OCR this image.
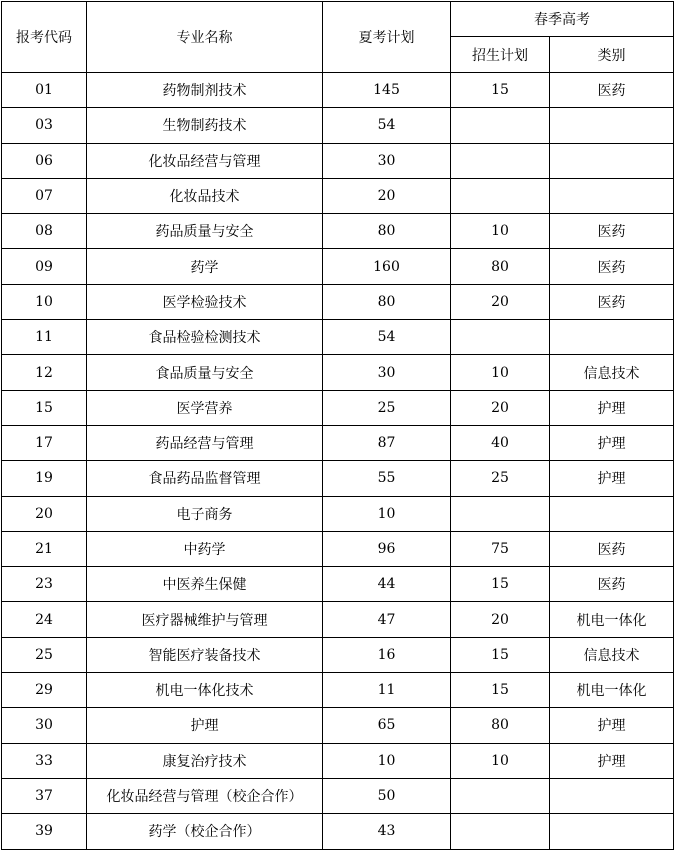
报考代码	专业名称	夏考计划	春季高考	
			招生计划	类别
01	药物制剂技术	145	15	医药
03	生物制药技术	54		
06	化妆品经营与管理	30		
07	化妆品技术	20		
08	药品质量与安全	80	10	医药
09	药学	160	80	医药
10	医学检验技术	80	20	医药
11	食品检验检测技术	54		
12	食品质量与安全	30	10	信息技术
15	医学营养	25	20	护理
17	药品经营与管理	87	40	护理
19	食品药品监督管理	55	25	护理
20	电子商务	10		
21	中药学	96	75	医药
23	中医养生保健	44	15	医药
24	医疗器械维护与管理	47	20	机电一体化
25	智能医疗装备技术	16	15	信息技术
29	机电一体化技术	11	15	机电一体化
30	护理	65	80	护理
33	康复治疗技术	10	10	护理
37	化妆品经营与管理（校企合作）	50		
39	药学（校企合作）	43		
